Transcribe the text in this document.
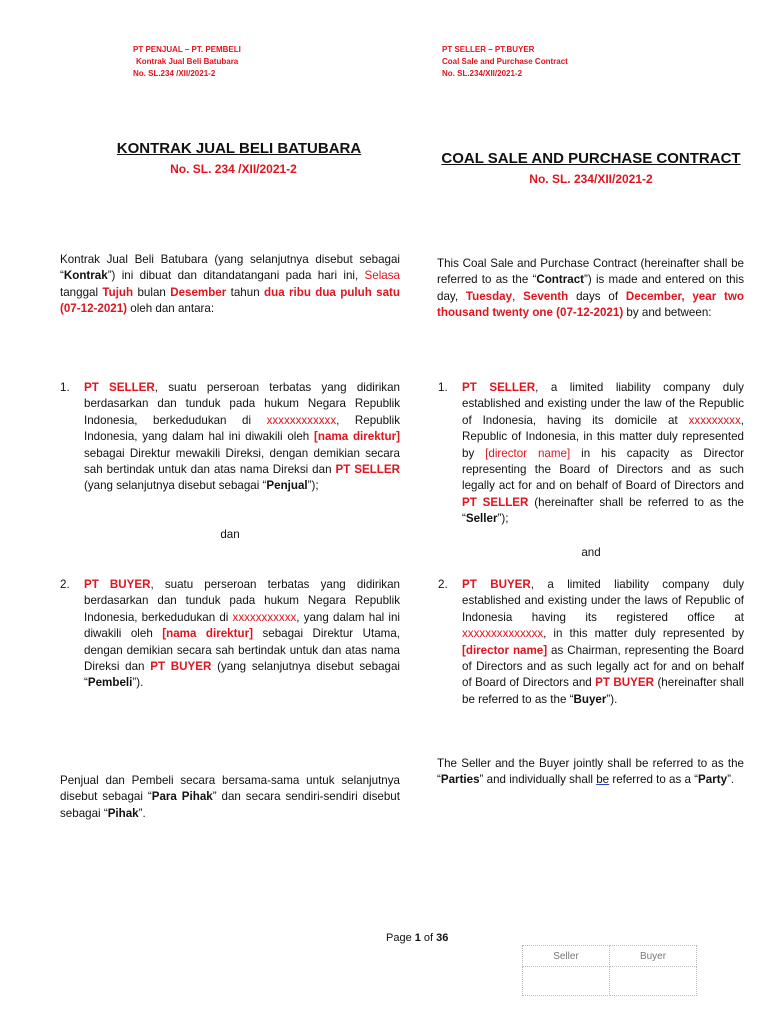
PT PENJUAL – PT. PEMBELI
Kontrak Jual Beli Batubara
No. SL.234 /XII/2021-2
PT SELLER – PT.BUYER
Coal Sale and Purchase Contract
No. SL.234/XII/2021-2
KONTRAK JUAL BELI BATUBARA
No. SL. 234 /XII/2021-2
COAL SALE AND PURCHASE CONTRACT
No. SL. 234/XII/2021-2

Kontrak Jual Beli Batubara (yang selanjutnya disebut sebagai “Kontrak”) ini dibuat dan ditandatangani pada hari ini, Selasa tanggal Tujuh bulan Desember tahun dua ribu dua puluh satu (07-12-2021) oleh dan antara:

1.	PT SELLER, suatu perseroan terbatas yang didirikan berdasarkan dan tunduk pada hukum Negara Republik Indonesia, berkedudukan di xxxxxxxxxxxx, Republik Indonesia, yang dalam hal ini diwakili oleh [nama direktur] sebagai Direktur mewakili Direksi, dengan demikian secara sah bertindak untuk dan atas nama Direksi dan PT SELLER (yang selanjutnya disebut sebagai “Penjual”);

dan
2.	PT BUYER, suatu perseroan terbatas yang didirikan berdasarkan dan tunduk pada hukum Negara Republik Indonesia, berkedudukan di xxxxxxxxxxx, yang dalam hal ini diwakili oleh [nama direktur] sebagai Direktur Utama, dengan demikian secara sah bertindak untuk dan atas nama Direksi dan PT BUYER (yang selanjutnya disebut sebagai “Pembeli”).

Penjual dan Pembeli secara bersama-sama untuk selanjutnya disebut sebagai “Para Pihak” dan secara sendiri-sendiri disebut sebagai “Pihak”.

This Coal Sale and Purchase Contract (hereinafter shall be referred to as the “Contract”) is made and entered on this day, Tuesday, Seventh days of December, year two thousand twenty one (07-12-2021) by and between:

1.	PT SELLER, a limited liability company duly established and existing under the law of the Republic of Indonesia, having its domicile at xxxxxxxxx, Republic of Indonesia, in this matter duly represented by [director name] in his capacity as Director representing the Board of Directors and as such legally act for and on behalf of Board of Directors and PT SELLER (hereinafter shall be referred to as the “Seller”);

and
2.	PT BUYER, a limited liability company duly established and existing under the laws of Republic of Indonesia having its registered office at xxxxxxxxxxxxxx, in this matter duly represented by [director name] as Chairman, representing the Board of Directors and as such legally act for and on behalf of Board of Directors and PT BUYER (hereinafter shall be referred to as the “Buyer”).

The Seller and the Buyer jointly shall be referred to as the “Parties” and individually shall be referred to as a “Party”.

Page 1 of 36
Seller	Buyer
